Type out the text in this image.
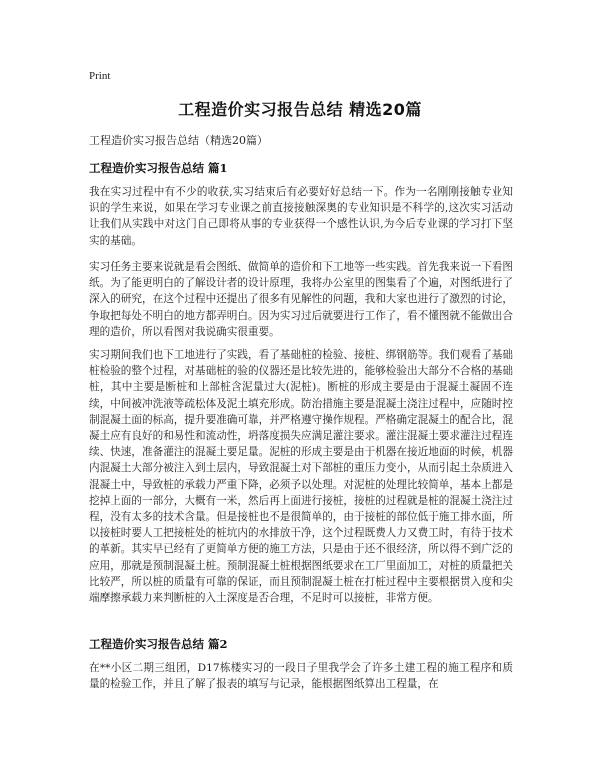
Print
工程造价实习报告总结 精选20篇
工程造价实习报告总结（精选20篇）
工程造价实习报告总结 篇1

我在实习过程中有不少的收获,实习结束后有必要好好总结一下。作为一名刚刚接触专业知识的学生来说，如果在学习专业课之前直接接触深奥的专业知识是不科学的,这次实习活动让我们从实践中对这门自己即将从事的专业获得一个感性认识,为今后专业课的学习打下坚实的基础。

实习任务主要来说就是看会图纸、做简单的造价和下工地等一些实践。首先我来说一下看图纸。为了能更明白的了解设计者的设计原理，我将办公室里的图集看了个遍，对图纸进行了深入的研究，在这个过程中还提出了很多有见解性的问题，我和大家也进行了激烈的讨论，争取把每处不明白的地方都弄明白。因为实习过后就要进行工作了，看不懂图就不能做出合理的造价，所以看图对我说确实很重要。

实习期间我们也下工地进行了实践，看了基础桩的检验、接桩、绑钢筋等。我们观看了基础桩检验的整个过程，对基础桩的验的仪器还是比较先进的，能够检验出大部分不合格的基础桩，其中主要是断桩和上部桩含泥量过大(泥桩)。断桩的形成主要是由于混凝土凝固不连续，中间被冲洗液等疏松体及泥土填充形成。防治措施主要是混凝土浇注过程中，应随时控制混凝土面的标高，提升要准确可靠，并严格遵守操作规程。严格确定混凝土的配合比，混凝土应有良好的和易性和流动性，坍落度损失应满足灌注要求。灌注混凝土要求灌注过程连续、快速，准备灌注的混凝土要足量。泥桩的形成主要是由于机器在接近地面的时候，机器内混凝土大部分被注入到土层内，导致混凝土对下部桩的重压力变小，从而引起土杂质进入混凝土中，导致桩的承载力严重下降，必须予以处理。对泥桩的处理比较简单，基本上都是挖掉上面的一部分，大概有一米，然后再上面进行接桩，接桩的过程就是桩的混凝土浇注过程，没有太多的技术含量。但是接桩也不是很简单的，由于接桩的部位低于施工排水面，所以接桩时要人工把接桩处的桩坑内的水排放干净，这个过程既费人力又费工时，有待于技术的革新。其实早已经有了更简单方便的施工方法，只是由于还不很经济，所以得不到广泛的应用，那就是预制混凝土桩。预制混凝土桩根据图纸要求在工厂里面加工，对桩的质量把关比较严，所以桩的质量有可靠的保证，而且预制混凝土桩在打桩过程中主要根据贯入度和尖端摩擦承载力来判断桩的入土深度是否合理，不足时可以接桩，非常方便。

工程造价实习报告总结 篇2

在**小区二期三组团，D17栋楼实习的一段日子里我学会了许多土建工程的施工程序和质量的检验工作，并且了解了报表的填写与记录，能根据图纸算出工程量，在
